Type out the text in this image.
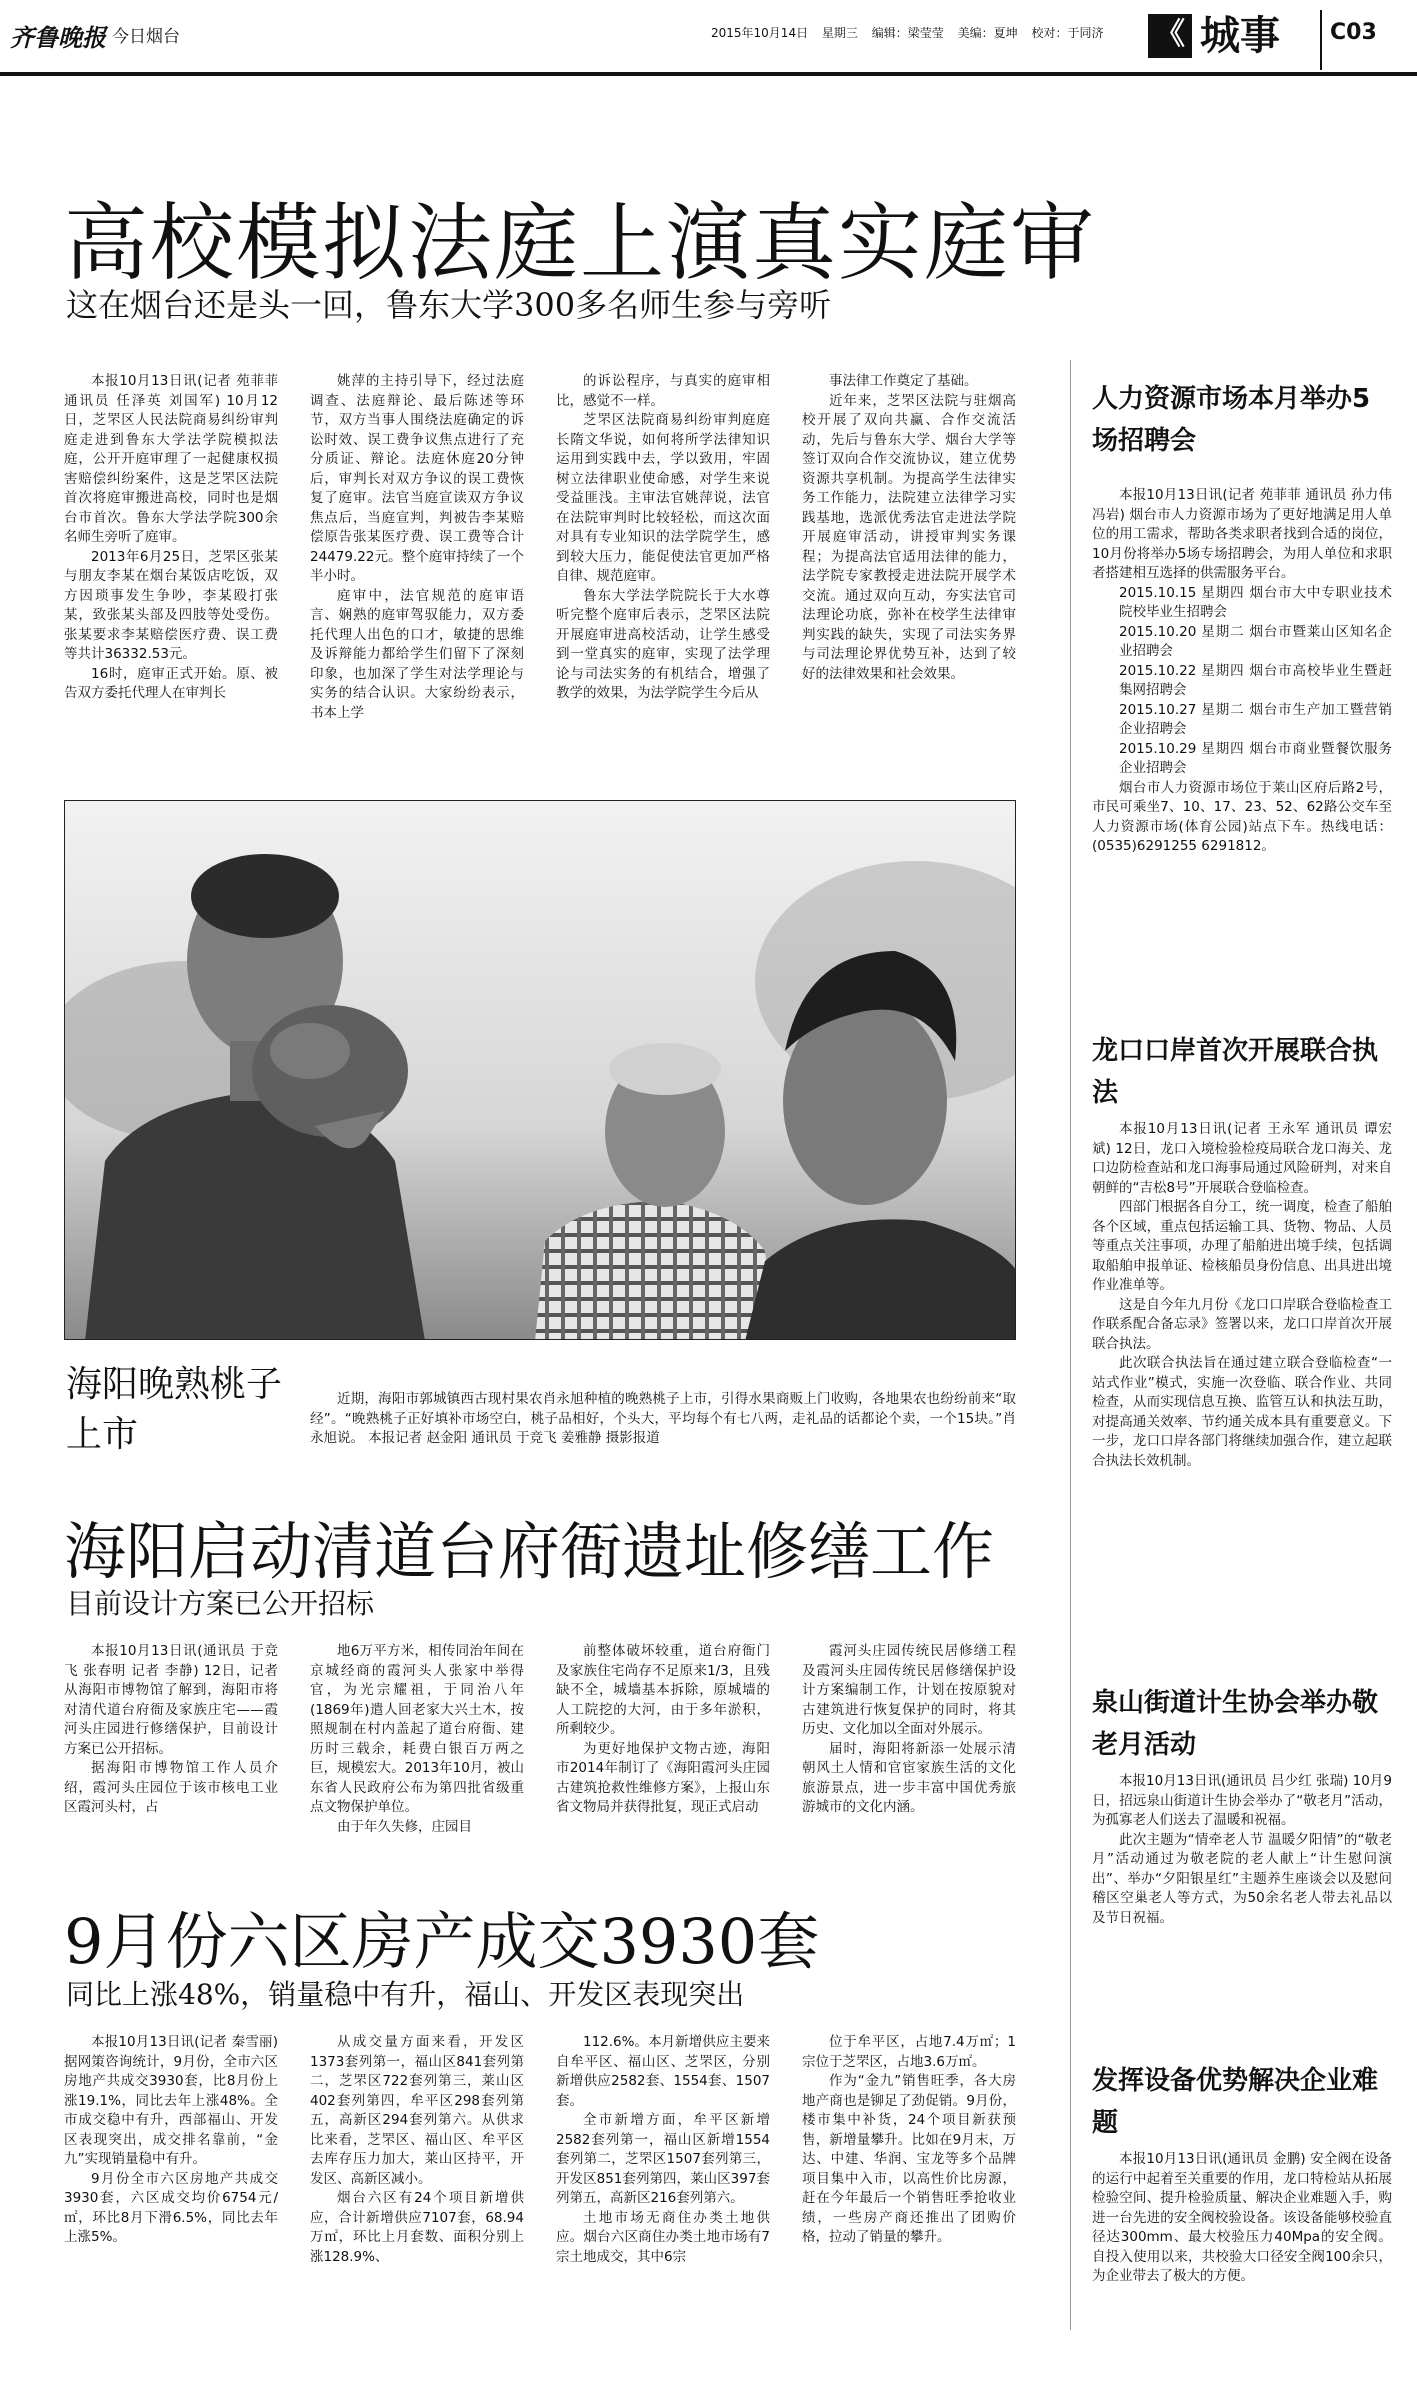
齐鲁晚报 今日烟台	2015年10月14日 星期三 编辑：梁莹莹 美编：夏坤 校对：于同济	《 城事 C03
高校模拟法庭上演真实庭审
这在烟台还是头一回，鲁东大学300多名师生参与旁听

本报10月13日讯(记者 苑菲菲 通讯员 任泽英 刘国军) 10月12日，芝罘区人民法院商易纠纷审判庭走进到鲁东大学法学院模拟法庭，公开开庭审理了一起健康权损害赔偿纠纷案件，这是芝罘区法院首次将庭审搬进高校，同时也是烟台市首次。鲁东大学法学院300余名师生旁听了庭审。

2013年6月25日，芝罘区张某与朋友李某在烟台某饭店吃饭，双方因琐事发生争吵，李某殴打张某，致张某头部及四肢等处受伤。张某要求李某赔偿医疗费、误工费等共计36332.53元。

16时，庭审正式开始。原、被告双方委托代理人在审判长

姚萍的主持引导下，经过法庭调查、法庭辩论、最后陈述等环节，双方当事人围绕法庭确定的诉讼时效、误工费争议焦点进行了充分质证、辩论。法庭休庭20分钟后，审判长对双方争议的误工费恢复了庭审。法官当庭宣读双方争议焦点后，当庭宣判，判被告李某赔偿原告张某医疗费、误工费等合计24479.22元。整个庭审持续了一个半小时。

庭审中，法官规范的庭审语言、娴熟的庭审驾驭能力，双方委托代理人出色的口才，敏捷的思维及诉辩能力都给学生们留下了深刻印象，也加深了学生对法学理论与实务的结合认识。大家纷纷表示，书本上学

的诉讼程序，与真实的庭审相比，感觉不一样。

芝罘区法院商易纠纷审判庭庭长隋文华说，如何将所学法律知识运用到实践中去，学以致用，牢固树立法律职业使命感，对学生来说受益匪浅。主审法官姚萍说，法官在法院审判时比较轻松，而这次面对具有专业知识的法学院学生，感到较大压力，能促使法官更加严格自律、规范庭审。

鲁东大学法学院院长于大水尊听完整个庭审后表示，芝罘区法院开展庭审进高校活动，让学生感受到一堂真实的庭审，实现了法学理论与司法实务的有机结合，增强了教学的效果，为法学院学生今后从

事法律工作奠定了基础。

近年来，芝罘区法院与驻烟高校开展了双向共赢、合作交流活动，先后与鲁东大学、烟台大学等签订双向合作交流协议，建立优势资源共享机制。为提高学生法律实务工作能力，法院建立法律学习实践基地，选派优秀法官走进法学院开展庭审活动，讲授审判实务课程；为提高法官适用法律的能力，法学院专家教授走进法院开展学术交流。通过双向互动，夯实法官司法理论功底，弥补在校学生法律审判实践的缺失，实现了司法实务界与司法理论界优势互补，达到了较好的法律效果和社会效果。

海阳晚熟桃子上市

近期，海阳市郭城镇西古现村果农肖永旭种植的晚熟桃子上市，引得水果商贩上门收购，各地果农也纷纷前来“取经”。“晚熟桃子正好填补市场空白，桃子品相好，个头大，平均每个有七八两，走礼品的话都论个卖，一个15块。”肖永旭说。 本报记者 赵金阳 通讯员 于竞飞 姜雅静 摄影报道

海阳启动清道台府衙遗址修缮工作
目前设计方案已公开招标

本报10月13日讯(通讯员 于竞飞 张春明 记者 李静) 12日，记者从海阳市博物馆了解到，海阳市将对清代道台府衙及家族庄宅——霞河头庄园进行修缮保护，目前设计方案已公开招标。

据海阳市博物馆工作人员介绍，霞河头庄园位于该市核电工业区霞河头村，占

地6万平方米，相传同治年间在京城经商的霞河头人张家中举得官，为光宗耀祖，于同治八年(1869年)遣人回老家大兴土木，按照规制在村内盖起了道台府衙、建历时三载余，耗费白银百万两之巨，规模宏大。2013年10月，被山东省人民政府公布为第四批省级重点文物保护单位。

由于年久失修，庄园目

前整体破坏较重，道台府衙门及家族住宅尚存不足原来1/3，且残缺不全，城墙基本拆除，原城墙的人工院挖的大河，由于多年淤积，所剩较少。

为更好地保护文物古迹，海阳市2014年制订了《海阳霞河头庄园古建筑抢救性维修方案》，上报山东省文物局并获得批复，现正式启动

霞河头庄园传统民居修缮工程及霞河头庄园传统民居修缮保护设计方案编制工作，计划在按原貌对古建筑进行恢复保护的同时，将其历史、文化加以全面对外展示。

届时，海阳将新添一处展示清朝风土人情和官宦家族生活的文化旅游景点，进一步丰富中国优秀旅游城市的文化内涵。

9月份六区房产成交3930套
同比上涨48%，销量稳中有升，福山、开发区表现突出

本报10月13日讯(记者 秦雪丽) 据网策咨询统计，9月份，全市六区房地产共成交3930套，比8月份上涨19.1%，同比去年上涨48%。全市成交稳中有升，西部福山、开发区表现突出，成交排名靠前，“金九”实现销量稳中有升。

9月份全市六区房地产共成交3930套，六区成交均价6754元/㎡，环比8月下滑6.5%，同比去年上涨5%。

从成交量方面来看，开发区1373套列第一，福山区841套列第二，芝罘区722套列第三，莱山区402套列第四，牟平区298套列第五，高新区294套列第六。从供求比来看，芝罘区、福山区、牟平区去库存压力加大，莱山区持平，开发区、高新区减小。

烟台六区有24个项目新增供应，合计新增供应7107套，68.94万㎡，环比上月套数、面积分别上涨128.9%、

112.6%。本月新增供应主要来自牟平区、福山区、芝罘区，分别新增供应2582套、1554套、1507套。

全市新增方面，牟平区新增2582套列第一，福山区新增1554套列第二，芝罘区1507套列第三，开发区851套列第四，莱山区397套列第五，高新区216套列第六。

土地市场无商住办类土地供应。烟台六区商住办类土地市场有7宗土地成交，其中6宗

位于牟平区，占地7.4万㎡；1宗位于芝罘区，占地3.6万㎡。

作为“金九”销售旺季，各大房地产商也是铆足了劲促销。9月份，楼市集中补货，24个项目新获预售，新增量攀升。比如在9月末，万达、中建、华润、宝龙等多个品牌项目集中入市，以高性价比房源，赶在今年最后一个销售旺季抢收业绩，一些房产商还推出了团购价格，拉动了销量的攀升。

人力资源市场本月举办5场招聘会

本报10月13日讯(记者 苑菲菲 通讯员 孙力伟 冯岩) 烟台市人力资源市场为了更好地满足用人单位的用工需求，帮助各类求职者找到合适的岗位，10月份将举办5场专场招聘会，为用人单位和求职者搭建相互选择的供需服务平台。

2015.10.15 星期四 烟台市大中专职业技术院校毕业生招聘会

2015.10.20 星期二 烟台市暨莱山区知名企业招聘会

2015.10.22 星期四 烟台市高校毕业生暨赶集网招聘会

2015.10.27 星期二 烟台市生产加工暨营销企业招聘会

2015.10.29 星期四 烟台市商业暨餐饮服务企业招聘会

烟台市人力资源市场位于莱山区府后路2号，市民可乘坐7、10、17、23、52、62路公交车至人力资源市场(体育公园)站点下车。热线电话：(0535)6291255 6291812。

龙口口岸首次开展联合执法

本报10月13日讯(记者 王永军 通讯员 谭宏斌) 12日，龙口入境检验检疫局联合龙口海关、龙口边防检查站和龙口海事局通过风险研判，对来自朝鲜的“吉松8号”开展联合登临检查。

四部门根据各自分工，统一调度，检查了船舶各个区域，重点包括运输工具、货物、物品、人员等重点关注事项，办理了船舶进出境手续，包括调取船舶申报单证、检核船员身份信息、出具进出境作业准单等。

这是自今年九月份《龙口口岸联合登临检查工作联系配合备忘录》签署以来，龙口口岸首次开展联合执法。

此次联合执法旨在通过建立联合登临检查“一站式作业”模式，实施一次登临、联合作业、共同检查，从而实现信息互换、监管互认和执法互助，对提高通关效率、节约通关成本具有重要意义。下一步，龙口口岸各部门将继续加强合作，建立起联合执法长效机制。

泉山街道计生协会举办敬老月活动

本报10月13日讯(通讯员 吕少红 张瑞) 10月9日，招远泉山街道计生协会举办了“敬老月”活动，为孤寡老人们送去了温暖和祝福。

此次主题为“情牵老人节 温暖夕阳情”的“敬老月”活动通过为敬老院的老人献上“计生慰问演出”、举办“夕阳银星红”主题养生座谈会以及慰问稽区空巢老人等方式，为50余名老人带去礼品以及节日祝福。

发挥设备优势解决企业难题

本报10月13日讯(通讯员 金鹏) 安全阀在设备的运行中起着至关重要的作用，龙口特检站从拓展检验空间、提升检验质量、解决企业难题入手，购进一台先进的安全阀校验设备。该设备能够校验直径达300mm、最大校验压力40Mpa的安全阀。自投入使用以来，共校验大口径安全阀100余只，为企业带去了极大的方便。
